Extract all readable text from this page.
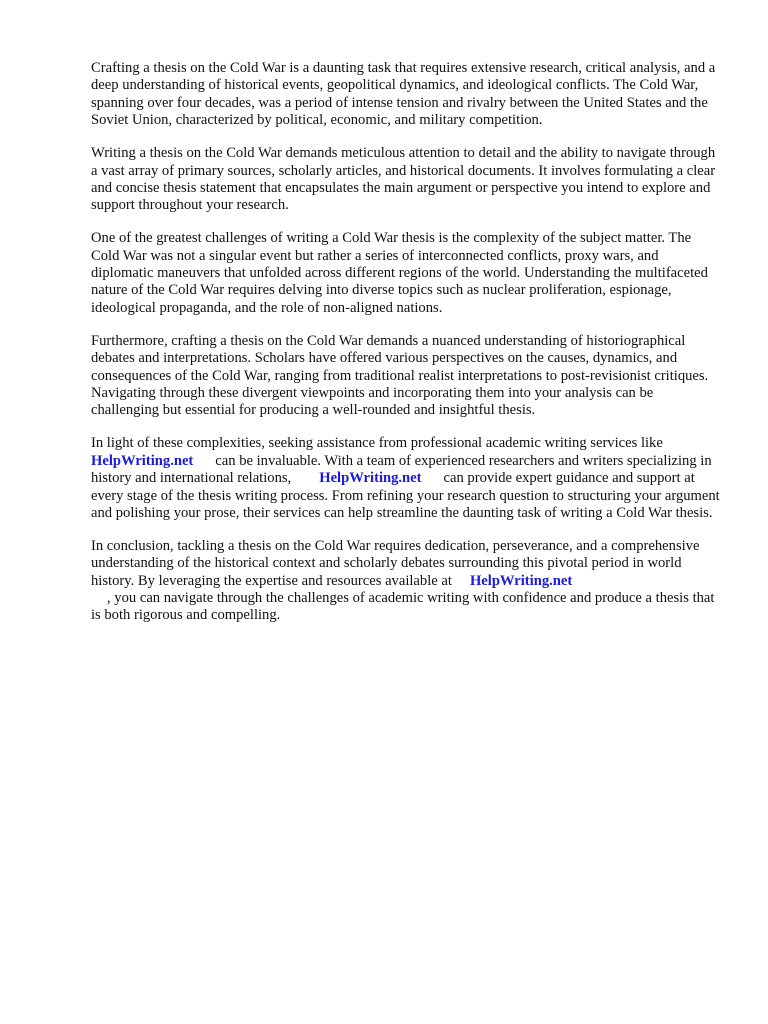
Crafting a thesis on the Cold War is a daunting task that requires extensive research, critical analysis, and a deep understanding of historical events, geopolitical dynamics, and ideological conflicts. The Cold War, spanning over four decades, was a period of intense tension and rivalry between the United States and the Soviet Union, characterized by political, economic, and military competition.

Writing a thesis on the Cold War demands meticulous attention to detail and the ability to navigate through a vast array of primary sources, scholarly articles, and historical documents. It involves formulating a clear and concise thesis statement that encapsulates the main argument or perspective you intend to explore and support throughout your research.

One of the greatest challenges of writing a Cold War thesis is the complexity of the subject matter. The Cold War was not a singular event but rather a series of interconnected conflicts, proxy wars, and diplomatic maneuvers that unfolded across different regions of the world. Understanding the multifaceted nature of the Cold War requires delving into diverse topics such as nuclear proliferation, espionage, ideological propaganda, and the role of non-aligned nations.

Furthermore, crafting a thesis on the Cold War demands a nuanced understanding of historiographical debates and interpretations. Scholars have offered various perspectives on the causes, dynamics, and consequences of the Cold War, ranging from traditional realist interpretations to post-revisionist critiques. Navigating through these divergent viewpoints and incorporating them into your analysis can be challenging but essential for producing a well-rounded and insightful thesis.

In light of these complexities, seeking assistance from professional academic writing services like
HelpWriting.net can be invaluable. With a team of experienced researchers and writers specializing in history and international relations, HelpWriting.net can provide expert guidance and support at every stage of the thesis writing process. From refining your research question to structuring your argument and polishing your prose, their services can help streamline the daunting task of writing a Cold War thesis.

In conclusion, tackling a thesis on the Cold War requires dedication, perseverance, and a comprehensive understanding of the historical context and scholarly debates surrounding this pivotal period in world history. By leveraging the expertise and resources available at HelpWriting.net
, you can navigate through the challenges of academic writing with confidence and produce a thesis that is both rigorous and compelling.
